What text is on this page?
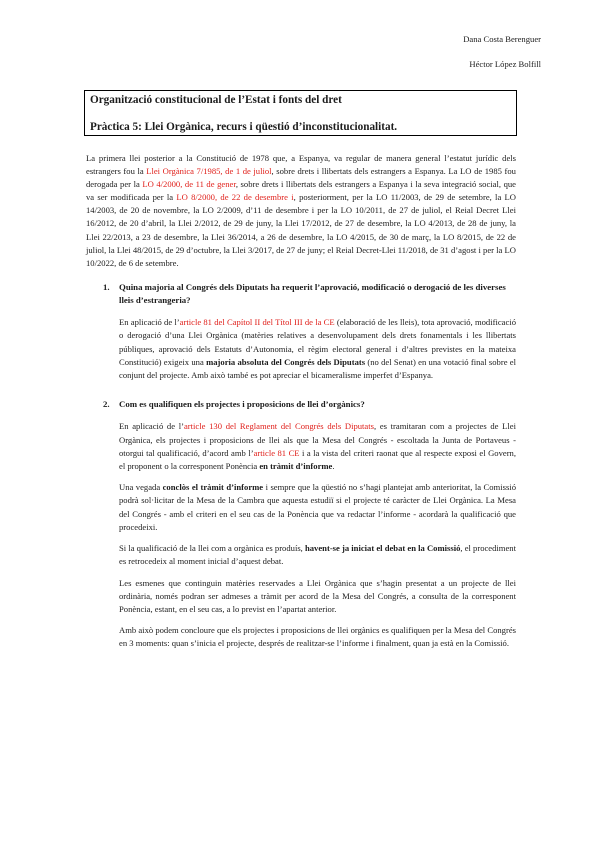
Dana Costa Berenguer
Héctor López Bolfill
Organització constitucional de l’Estat i fonts del dret
Pràctica 5: Llei Orgànica, recurs i qüestió d’inconstitucionalitat.

La primera llei posterior a la Constitució de 1978 que, a Espanya, va regular de manera general l’estatut jurídic dels estrangers fou la Llei Orgànica 7/1985, de 1 de juliol, sobre drets i llibertats dels estrangers a Espanya. La LO de 1985 fou derogada per la LO 4/2000, de 11 de gener, sobre drets i llibertats dels estrangers a Espanya i la seva integració social, que va ser modificada per la LO 8/2000, de 22 de desembre i, posteriorment, per la LO 11/2003, de 29 de setembre, la LO 14/2003, de 20 de novembre, la LO 2/2009, d’11 de desembre i per la LO 10/2011, de 27 de juliol, el Reial Decret Llei 16/2012, de 20 d’abril, la Llei 2/2012, de 29 de juny, la Llei 17/2012, de 27 de desembre, la LO 4/2013, de 28 de juny, la Llei 22/2013, a 23 de desembre, la Llei 36/2014, a 26 de desembre, la LO 4/2015, de 30 de març, la LO 8/2015, de 22 de juliol, la Llei 48/2015, de 29 d’octubre, la Llei 3/2017, de 27 de juny; el Reial Decret-Llei 11/2018, de 31 d’agost i per la LO 10/2022, de 6 de setembre.

1. Quina majoria al Congrés dels Diputats ha requerit l’aprovació, modificació o derogació de les diverses lleis d’estrangeria?

En aplicació de l’article 81 del Capítol II del Títol III de la CE (elaboració de les lleis), tota aprovació, modificació o derogació d’una Llei Orgànica (matèries relatives a desenvolupament dels drets fonamentals i les llibertats públiques, aprovació dels Estatuts d’Autonomia, el règim electoral general i d’altres previstes en la mateixa Constitució) exigeix una majoria absoluta del Congrés dels Diputats (no del Senat) en una votació final sobre el conjunt del projecte. Amb això també es pot apreciar el bicameralisme imperfet d’Espanya.

2. Com es qualifiquen els projectes i proposicions de llei d’orgànics?

En aplicació de l’article 130 del Reglament del Congrés dels Diputats, es tramitaran com a projectes de Llei Orgànica, els projectes i proposicions de llei als que la Mesa del Congrés - escoltada la Junta de Portaveus - otorgui tal qualificació, d’acord amb l’article 81 CE i a la vista del criteri raonat que al respecte exposi el Govern, el proponent o la corresponent Ponència en tràmit d’informe.

Una vegada conclòs el tràmit d’informe i sempre que la qüestió no s’hagi plantejat amb anterioritat, la Comissió podrà sol·licitar de la Mesa de la Cambra que aquesta estudiï si el projecte té caràcter de Llei Orgànica. La Mesa del Congrés - amb el criteri en el seu cas de la Ponència que va redactar l’informe - acordarà la qualificació que procedeixi.

Si la qualificació de la llei com a orgànica es produís, havent-se ja iniciat el debat en la Comissió, el procediment es retrocedeix al moment inicial d’aquest debat.

Les esmenes que continguin matèries reservades a Llei Orgànica que s’hagin presentat a un projecte de llei ordinària, només podran ser admeses a tràmit per acord de la Mesa del Congrés, a consulta de la corresponent Ponència, estant, en el seu cas, a lo previst en l’apartat anterior.

Amb això podem concloure que els projectes i proposicions de llei orgànics es qualifiquen per la Mesa del Congrés en 3 moments: quan s’inicia el projecte, després de realitzar-se l’informe i finalment, quan ja està en la Comissió.
